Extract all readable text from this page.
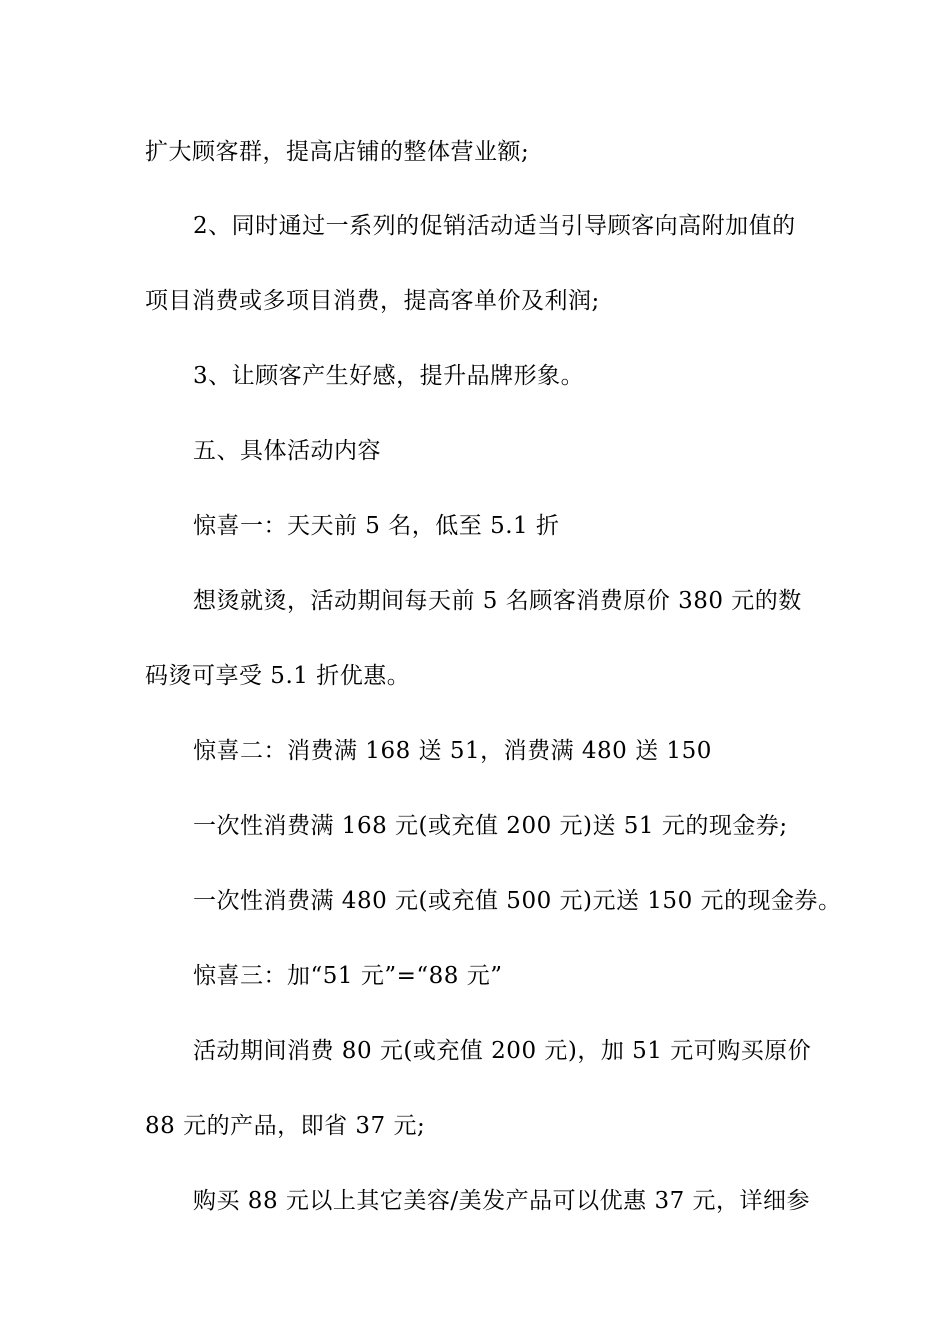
扩大顾客群，提高店铺的整体营业额;
2、同时通过一系列的促销活动适当引导顾客向高附加值的
项目消费或多项目消费，提高客单价及利润;
3、让顾客产生好感，提升品牌形象。
五、具体活动内容
惊喜一：天天前 5 名，低至 5.1 折
想烫就烫，活动期间每天前 5 名顾客消费原价 380 元的数
码烫可享受 5.1 折优惠。
惊喜二：消费满 168 送 51，消费满 480 送 150
一次性消费满 168 元(或充值 200 元)送 51 元的现金券;
一次性消费满 480 元(或充值 500 元)元送 150 元的现金券。
惊喜三：加“51 元”=“88 元”
活动期间消费 80 元(或充值 200 元)，加 51 元可购买原价
88 元的产品，即省 37 元;
购买 88 元以上其它美容/美发产品可以优惠 37 元，详细参
